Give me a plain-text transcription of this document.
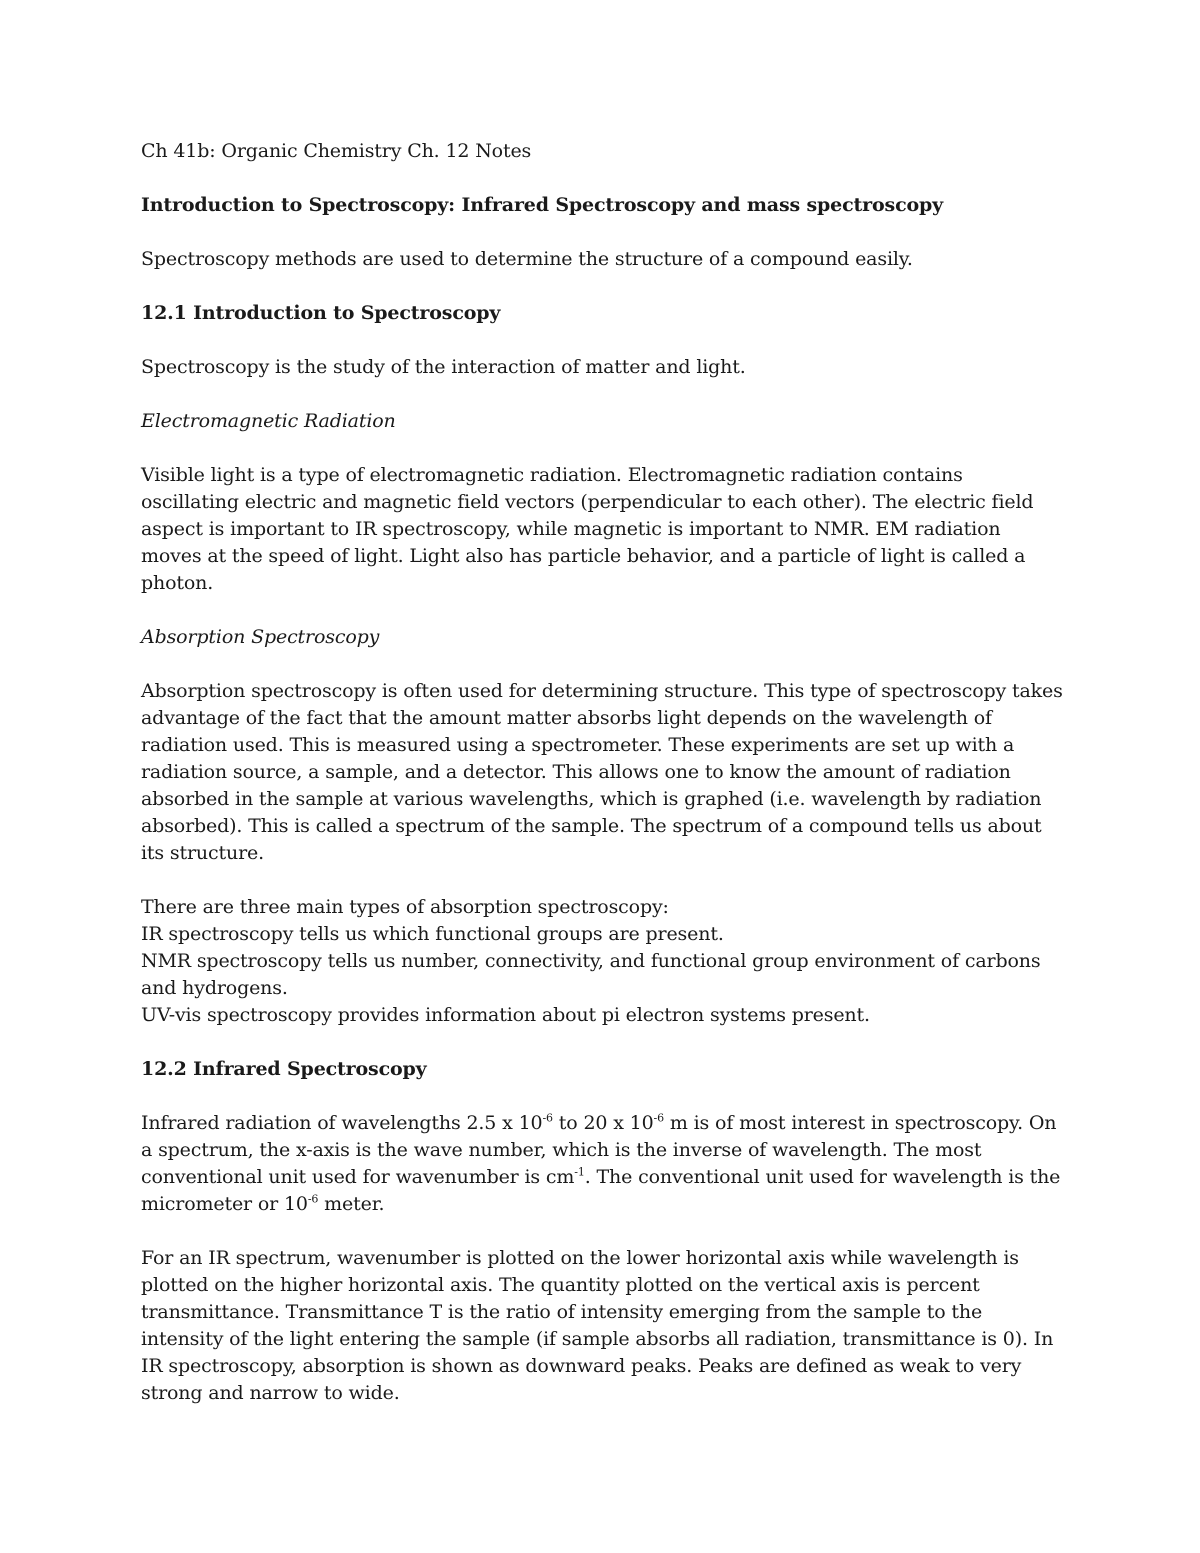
Ch 41b: Organic Chemistry Ch. 12 Notes

Introduction to Spectroscopy: Infrared Spectroscopy and mass spectroscopy

Spectroscopy methods are used to determine the structure of a compound easily.

12.1 Introduction to Spectroscopy

Spectroscopy is the study of the interaction of matter and light.

Electromagnetic Radiation

Visible light is a type of electromagnetic radiation. Electromagnetic radiation contains oscillating electric and magnetic field vectors (perpendicular to each other). The electric field aspect is important to IR spectroscopy, while magnetic is important to NMR. EM radiation moves at the speed of light. Light also has particle behavior, and a particle of light is called a photon.

Absorption Spectroscopy

Absorption spectroscopy is often used for determining structure. This type of spectroscopy takes advantage of the fact that the amount matter absorbs light depends on the wavelength of radiation used. This is measured using a spectrometer. These experiments are set up with a radiation source, a sample, and a detector. This allows one to know the amount of radiation absorbed in the sample at various wavelengths, which is graphed (i.e. wavelength by radiation absorbed). This is called a spectrum of the sample. The spectrum of a compound tells us about its structure.

There are three main types of absorption spectroscopy:

IR spectroscopy tells us which functional groups are present.

NMR spectroscopy tells us number, connectivity, and functional group environment of carbons and hydrogens.

UV-vis spectroscopy provides information about pi electron systems present.

12.2 Infrared Spectroscopy

Infrared radiation of wavelengths 2.5 x $10^{-6}$ to 20 x $10^{-6}$ m is of most interest in spectroscopy. On a spectrum, the x-axis is the wave number, which is the inverse of wavelength. The most conventional unit used for wavenumber is $cm^{-1}$. The conventional unit used for wavelength is the micrometer or $10^{-6}$ meter.

For an IR spectrum, wavenumber is plotted on the lower horizontal axis while wavelength is plotted on the higher horizontal axis. The quantity plotted on the vertical axis is percent transmittance. Transmittance T is the ratio of intensity emerging from the sample to the intensity of the light entering the sample (if sample absorbs all radiation, transmittance is 0). In IR spectroscopy, absorption is shown as downward peaks. Peaks are defined as weak to very strong and narrow to wide.
